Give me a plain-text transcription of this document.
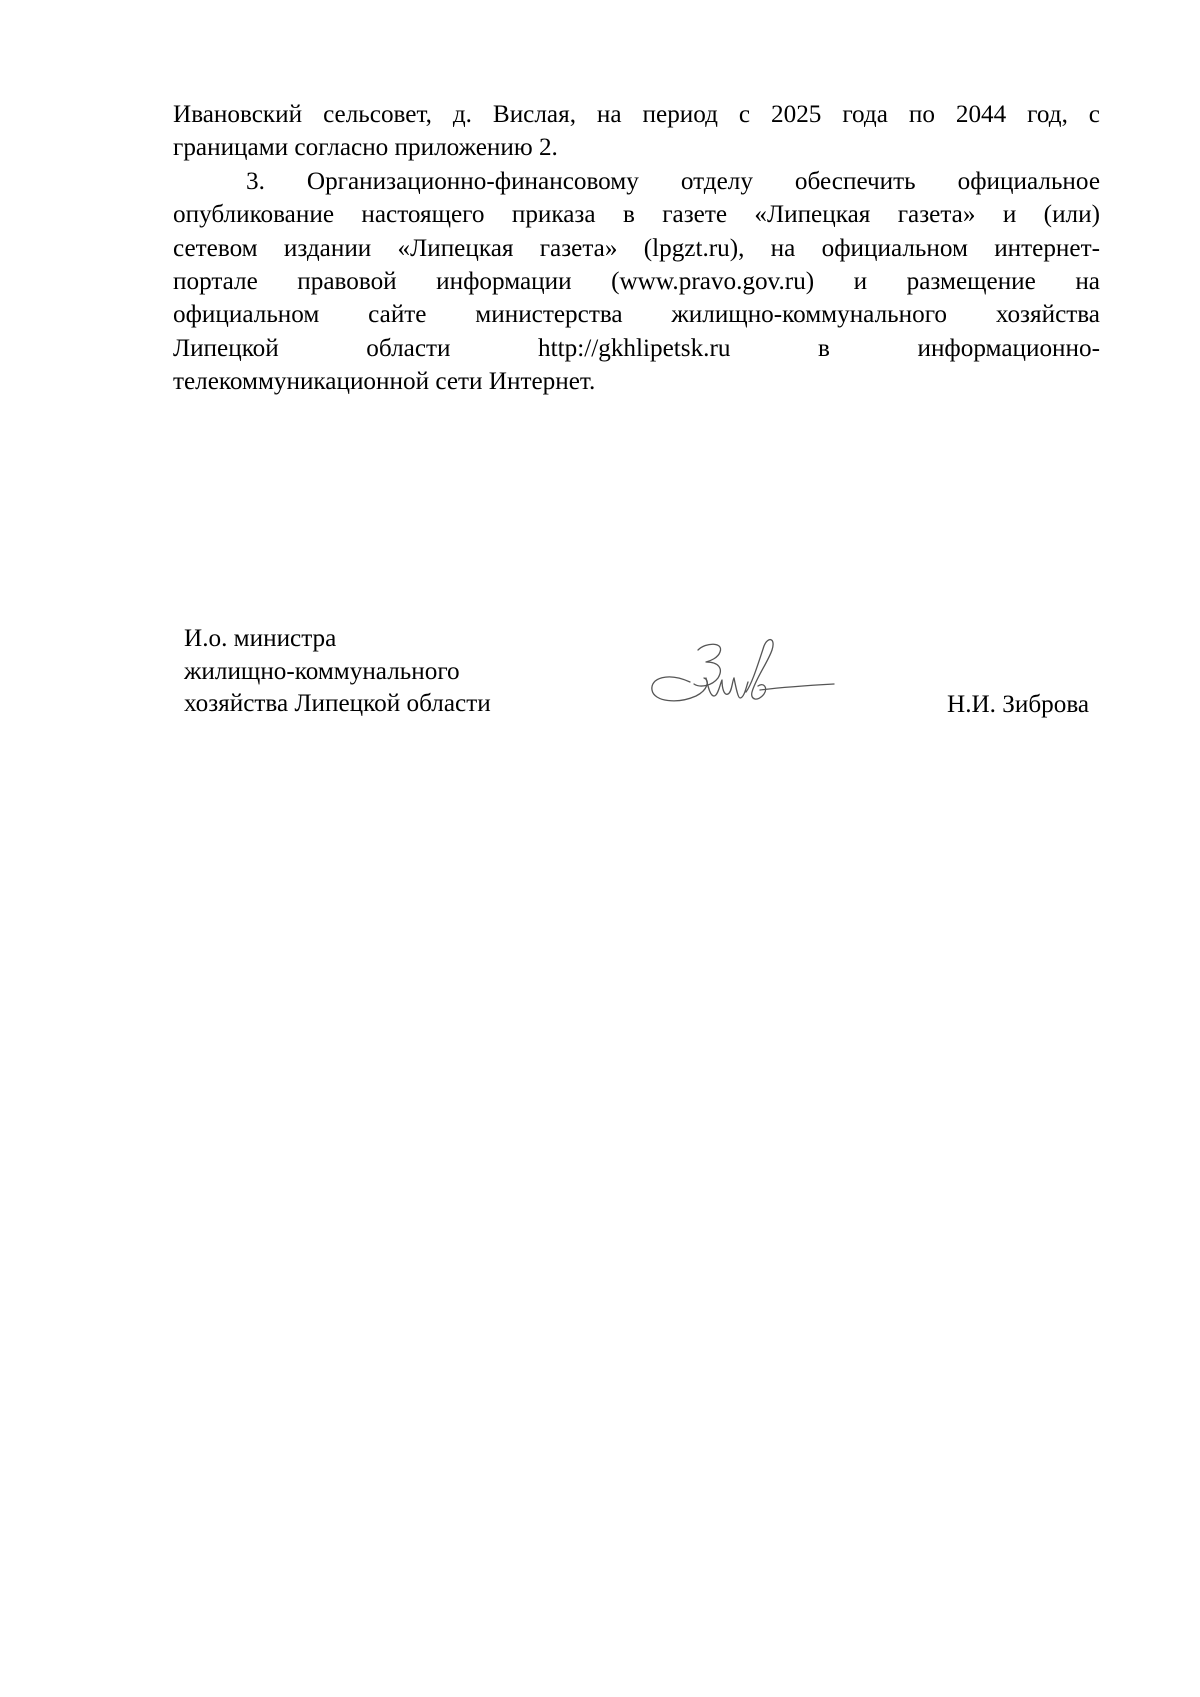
Ивановский сельсовет, д. Вислая, на период с 2025 года по 2044 год, с
границами согласно приложению 2.

3. Организационно-финансовому отделу обеспечить официальное
опубликование настоящего приказа в газете «Липецкая газета» и (или)
сетевом издании «Липецкая газета» (lpgzt.ru), на официальном интернет-
портале правовой информации (www.pravo.gov.ru) и размещение на
официальном сайте министерства жилищно-коммунального хозяйства
Липецкой области http://gkhlipetsk.ru в информационно-
телекоммуникационной сети Интернет.

И.о. министра
жилищно-коммунального
хозяйства Липецкой области	Н.И. Зиброва
